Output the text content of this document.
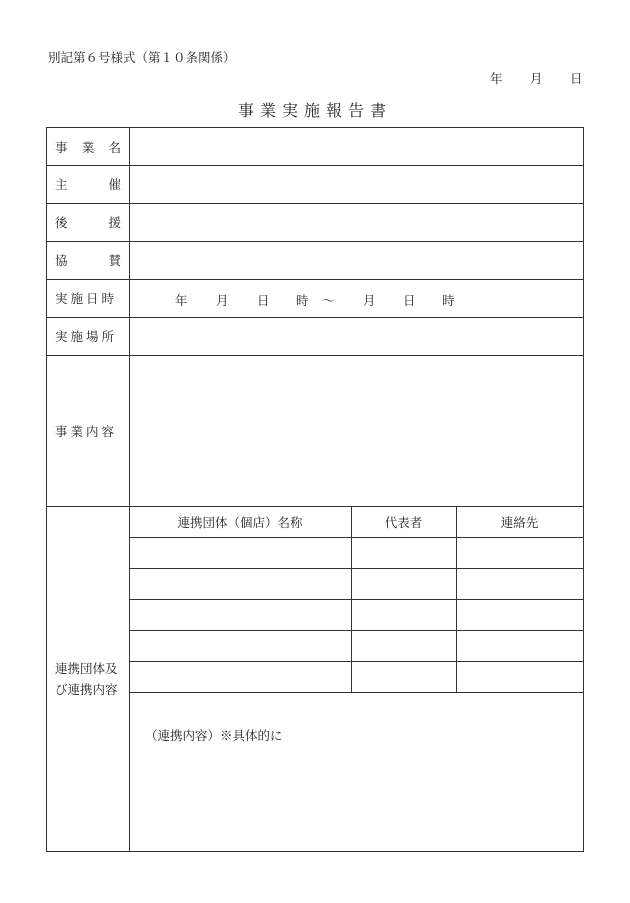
別記第６号様式（第１０条関係）
年 月 日
事業実施報告書
事 業 名
主	催
後	援
協	賛
実施日時	年 月 日 時 〜 月 日 時
実施場所
事業内容
連携団体及
び連携内容
連携団体（個店）名称	代表者	連絡先
（連携内容）※具体的に
